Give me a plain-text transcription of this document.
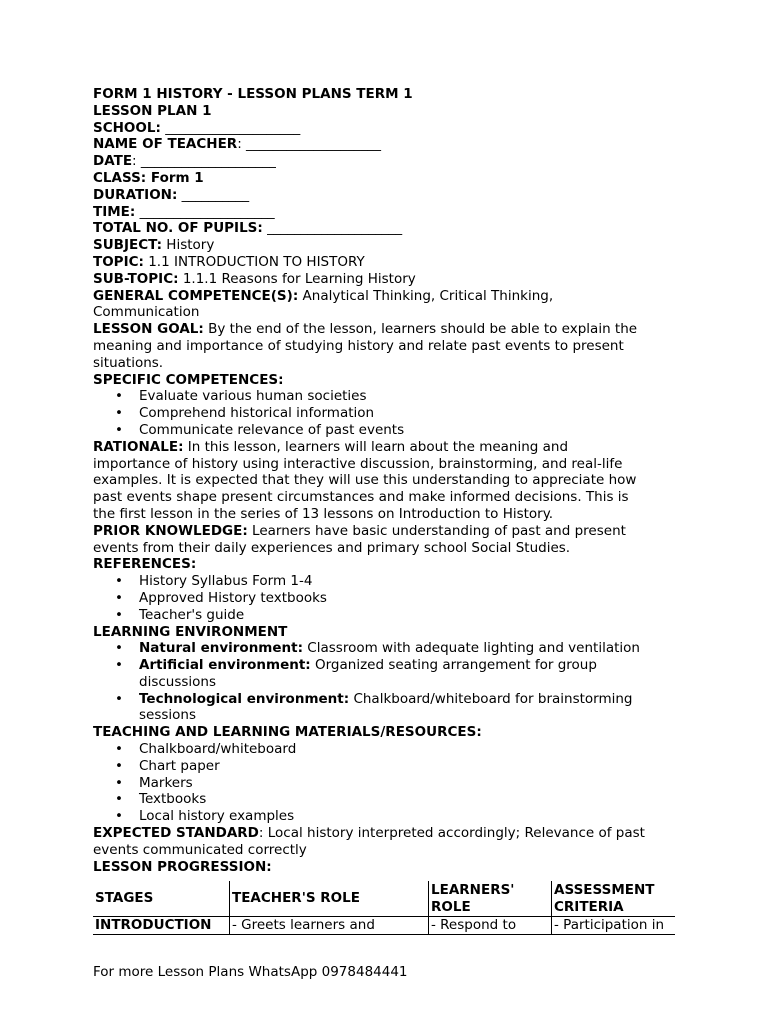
FORM 1 HISTORY - LESSON PLANS TERM 1

LESSON PLAN 1

SCHOOL: ____________________

NAME OF TEACHER: ____________________

DATE: ____________________

CLASS: Form 1

DURATION: __________

TIME: ____________________

TOTAL NO. OF PUPILS: ____________________

SUBJECT: History

TOPIC: 1.1 INTRODUCTION TO HISTORY

SUB-TOPIC: 1.1.1 Reasons for Learning History

GENERAL COMPETENCE(S): Analytical Thinking, Critical Thinking,

Communication

LESSON GOAL: By the end of the lesson, learners should be able to explain the

meaning and importance of studying history and relate past events to present

situations.

SPECIFIC COMPETENCES:

• Evaluate various human societies
• Comprehend historical information
• Communicate relevance of past events

RATIONALE: In this lesson, learners will learn about the meaning and

importance of history using interactive discussion, brainstorming, and real-life

examples. It is expected that they will use this understanding to appreciate how

past events shape present circumstances and make informed decisions. This is

the first lesson in the series of 13 lessons on Introduction to History.

PRIOR KNOWLEDGE: Learners have basic understanding of past and present

events from their daily experiences and primary school Social Studies.

REFERENCES:

• History Syllabus Form 1-4
• Approved History textbooks
• Teacher's guide

LEARNING ENVIRONMENT

• Natural environment: Classroom with adequate lighting and ventilation
• Artificial environment: Organized seating arrangement for group
discussions
• Technological environment: Chalkboard/whiteboard for brainstorming
sessions

TEACHING AND LEARNING MATERIALS/RESOURCES:

• Chalkboard/whiteboard
• Chart paper
• Markers
• Textbooks
• Local history examples

EXPECTED STANDARD: Local history interpreted accordingly; Relevance of past

events communicated correctly

LESSON PROGRESSION:

STAGES	TEACHER'S ROLE	LEARNERS' ROLE	ASSESSMENT CRITERIA
INTRODUCTION	- Greets learners and	- Respond to	- Participation in
For more Lesson Plans WhatsApp 0978484441
